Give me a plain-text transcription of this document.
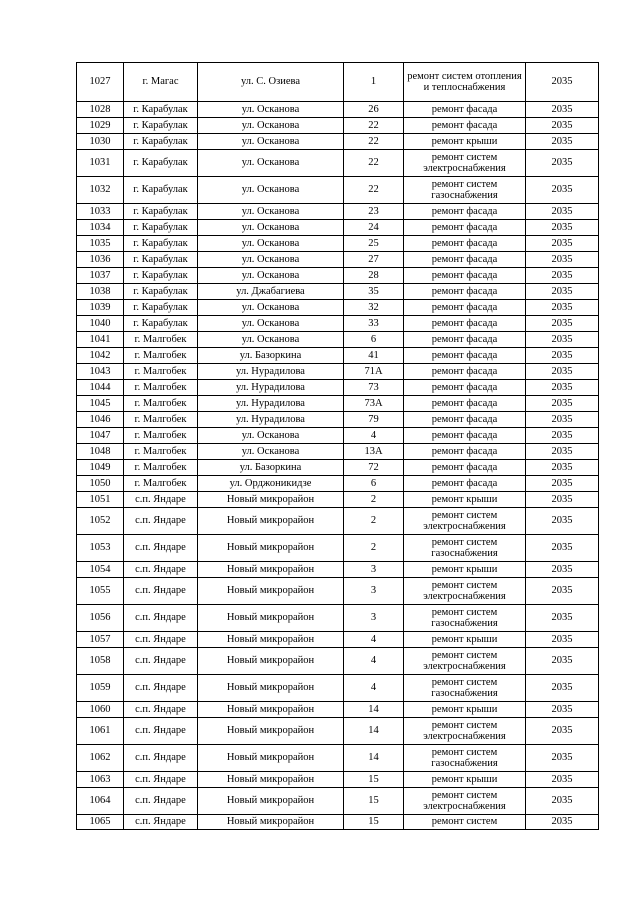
1027	г. Магас	ул. С. Озиева	1	ремонт систем отопления и теплоснабжения	2035
1028	г. Карабулак	ул. Осканова	26	ремонт фасада	2035
1029	г. Карабулак	ул. Осканова	22	ремонт фасада	2035
1030	г. Карабулак	ул. Осканова	22	ремонт крыши	2035
1031	г. Карабулак	ул. Осканова	22	ремонт систем электроснабжения	2035
1032	г. Карабулак	ул. Осканова	22	ремонт систем газоснабжения	2035
1033	г. Карабулак	ул. Осканова	23	ремонт фасада	2035
1034	г. Карабулак	ул. Осканова	24	ремонт фасада	2035
1035	г. Карабулак	ул. Осканова	25	ремонт фасада	2035
1036	г. Карабулак	ул. Осканова	27	ремонт фасада	2035
1037	г. Карабулак	ул. Осканова	28	ремонт фасада	2035
1038	г. Карабулак	ул. Джабагиева	35	ремонт фасада	2035
1039	г. Карабулак	ул. Осканова	32	ремонт фасада	2035
1040	г. Карабулак	ул. Осканова	33	ремонт фасада	2035
1041	г. Малгобек	ул. Осканова	6	ремонт фасада	2035
1042	г. Малгобек	ул. Базоркина	41	ремонт фасада	2035
1043	г. Малгобек	ул. Нурадилова	71А	ремонт фасада	2035
1044	г. Малгобек	ул. Нурадилова	73	ремонт фасада	2035
1045	г. Малгобек	ул. Нурадилова	73А	ремонт фасада	2035
1046	г. Малгобек	ул. Нурадилова	79	ремонт фасада	2035
1047	г. Малгобек	ул. Осканова	4	ремонт фасада	2035
1048	г. Малгобек	ул. Осканова	13А	ремонт фасада	2035
1049	г. Малгобек	ул. Базоркина	72	ремонт фасада	2035
1050	г. Малгобек	ул. Орджоникидзе	6	ремонт фасада	2035
1051	с.п. Яндаре	Новый микрорайон	2	ремонт крыши	2035
1052	с.п. Яндаре	Новый микрорайон	2	ремонт систем электроснабжения	2035
1053	с.п. Яндаре	Новый микрорайон	2	ремонт систем газоснабжения	2035
1054	с.п. Яндаре	Новый микрорайон	3	ремонт крыши	2035
1055	с.п. Яндаре	Новый микрорайон	3	ремонт систем электроснабжения	2035
1056	с.п. Яндаре	Новый микрорайон	3	ремонт систем газоснабжения	2035
1057	с.п. Яндаре	Новый микрорайон	4	ремонт крыши	2035
1058	с.п. Яндаре	Новый микрорайон	4	ремонт систем электроснабжения	2035
1059	с.п. Яндаре	Новый микрорайон	4	ремонт систем газоснабжения	2035
1060	с.п. Яндаре	Новый микрорайон	14	ремонт крыши	2035
1061	с.п. Яндаре	Новый микрорайон	14	ремонт систем электроснабжения	2035
1062	с.п. Яндаре	Новый микрорайон	14	ремонт систем газоснабжения	2035
1063	с.п. Яндаре	Новый микрорайон	15	ремонт крыши	2035
1064	с.п. Яндаре	Новый микрорайон	15	ремонт систем электроснабжения	2035
1065	с.п. Яндаре	Новый микрорайон	15	ремонт систем	2035
